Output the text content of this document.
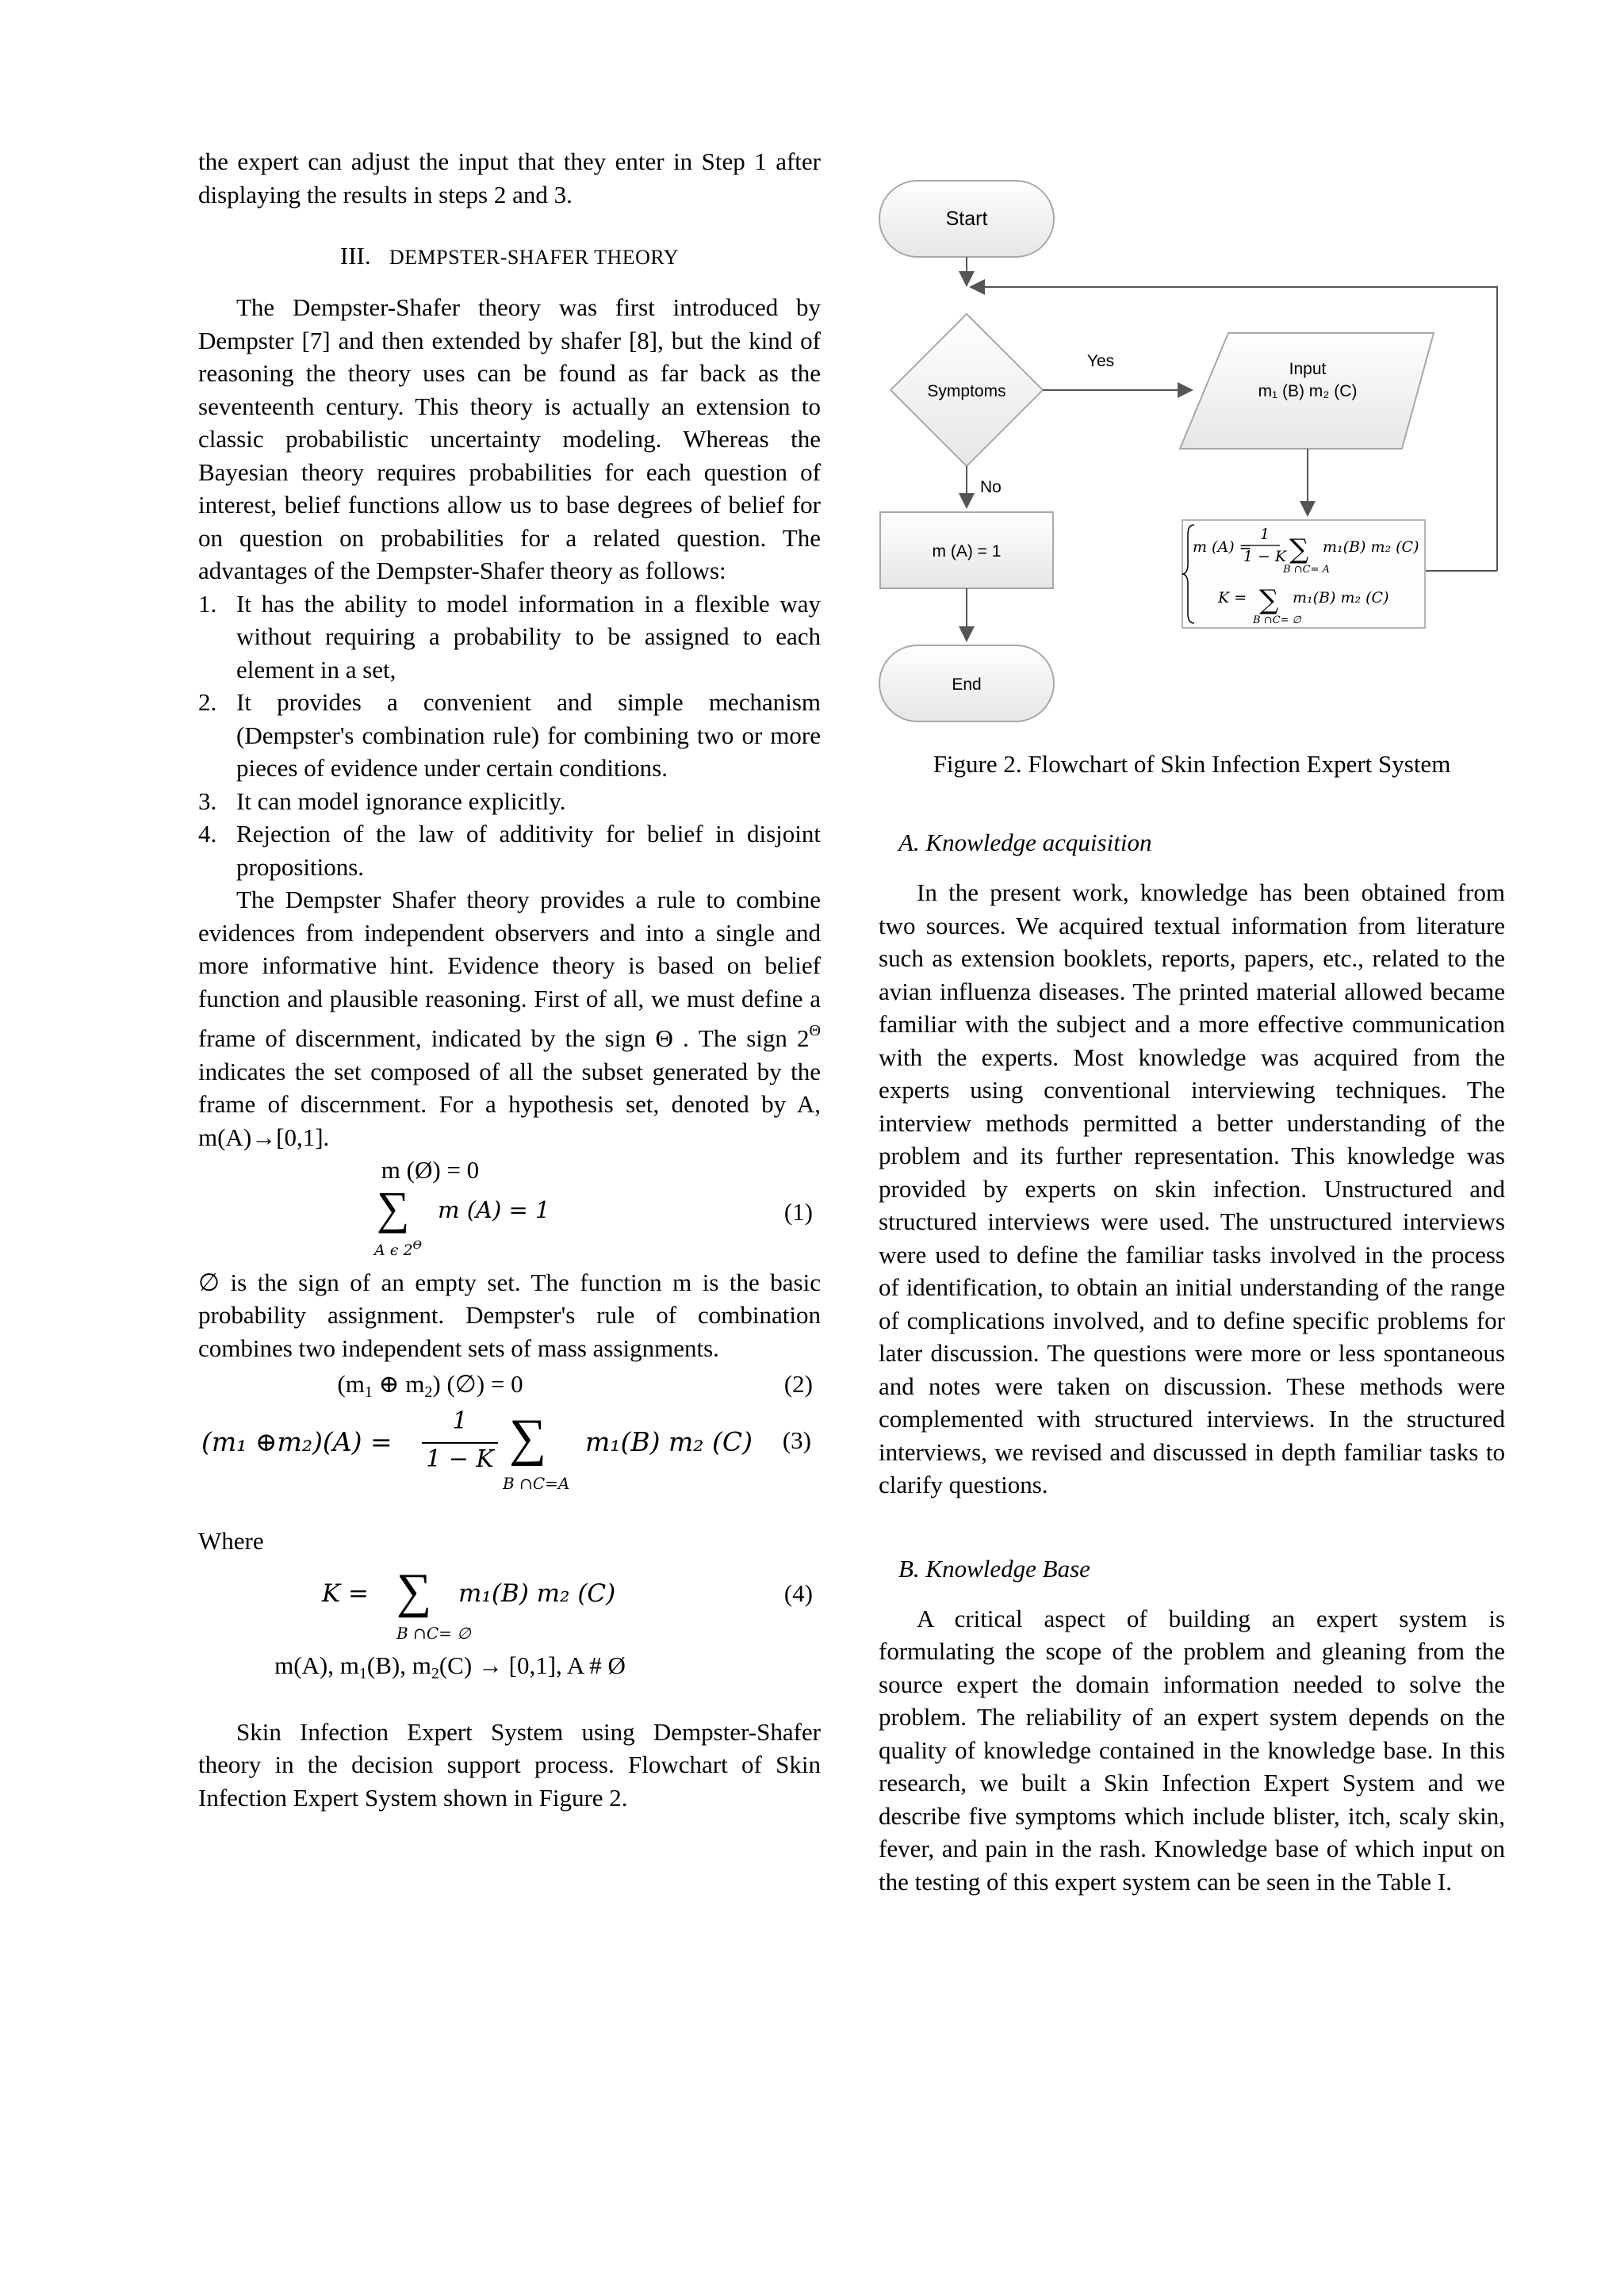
the expert can adjust the input that they enter in Step 1 after displaying the results in steps 2 and 3.

III. DEMPSTER-SHAFER THEORY

The Dempster-Shafer theory was first introduced by Dempster [7] and then extended by shafer [8], but the kind of reasoning the theory uses can be found as far back as the seventeenth century. This theory is actually an extension to classic probabilistic uncertainty modeling. Whereas the Bayesian theory requires probabilities for each question of interest, belief functions allow us to base degrees of belief for on question on probabilities for a related question. The advantages of the Dempster-Shafer theory as follows:

1. It has the ability to model information in a flexible way without requiring a probability to be assigned to each element in a set,
2. It provides a convenient and simple mechanism (Dempster's combination rule) for combining two or more pieces of evidence under certain conditions.
3. It can model ignorance explicitly.
4. Rejection of the law of additivity for belief in disjoint propositions.

The Dempster Shafer theory provides a rule to combine evidences from independent observers and into a single and more informative hint. Evidence theory is based on belief function and plausible reasoning. First of all, we must define a frame of discernment, indicated by the sign Θ . The sign $2^\Theta$ indicates the set composed of all the subset generated by the frame of discernment. For a hypothesis set, denoted by A, m(A)→[0,1].

m (Ø) = 0
∑ m (A) = 1
A ϵ $2^\Theta$
(1)

∅ is the sign of an empty set. The function m is the basic probability assignment. Dempster's rule of combination combines two independent sets of mass assignments.

($m_1$ ⊕ $m_2$) (∅) = 0	(2)
(m₁ ⊕m₂)(A) =
1
1 − K ∑ m₁(B) m₂ (C)
B ∩C=A
(3)

Where

K = ∑ m₁(B) m₂ (C)
B ∩C= ∅
(4)
m(A), $m_1(B)$, $m_2(C) \to [0,1]$, A # Ø

Skin Infection Expert System using Dempster-Shafer theory in the decision support process. Flowchart of Skin Infection Expert System shown in Figure 2.

Start
Symptoms
Yes	Input
m₁ (B) m₂ (C)
m (A) =
1
1 − K ∑ m₁(B) m₂ (C)
B ∩C= A
K = ∑ m₁(B) m₂ (C)
B ∩C= ∅
No
m (A) = 1
End

Figure 2. Flowchart of Skin Infection Expert System

A. Knowledge acquisition

In the present work, knowledge has been obtained from two sources. We acquired textual information from literature such as extension booklets, reports, papers, etc., related to the avian influenza diseases. The printed material allowed became familiar with the subject and a more effective communication with the experts. Most knowledge was acquired from the experts using conventional interviewing techniques. The interview methods permitted a better understanding of the problem and its further representation. This knowledge was provided by experts on skin infection. Unstructured and structured interviews were used. The unstructured interviews were used to define the familiar tasks involved in the process of identification, to obtain an initial understanding of the range of complications involved, and to define specific problems for later discussion. The questions were more or less spontaneous and notes were taken on discussion. These methods were complemented with structured interviews. In the structured interviews, we revised and discussed in depth familiar tasks to clarify questions.

B. Knowledge Base

A critical aspect of building an expert system is formulating the scope of the problem and gleaning from the source expert the domain information needed to solve the problem. The reliability of an expert system depends on the quality of knowledge contained in the knowledge base. In this research, we built a Skin Infection Expert System and we describe five symptoms which include blister, itch, scaly skin, fever, and pain in the rash. Knowledge base of which input on the testing of this expert system can be seen in the Table I.
